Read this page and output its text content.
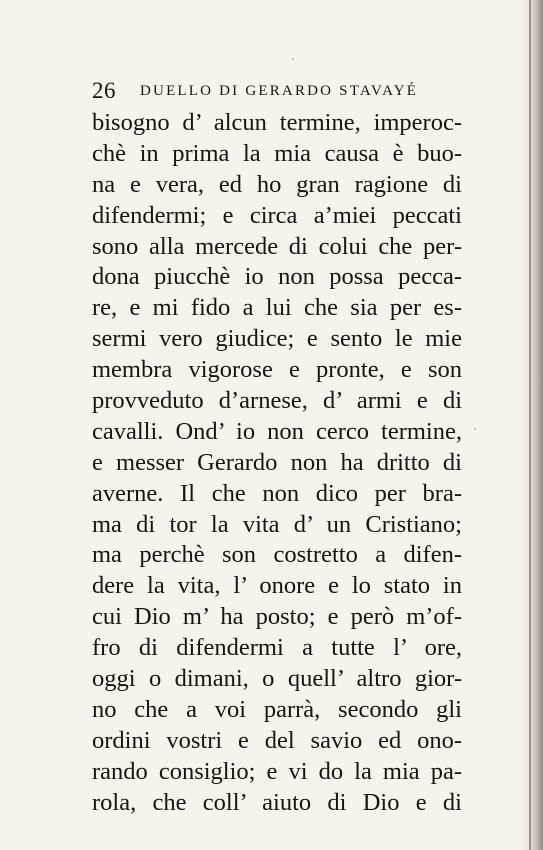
26 DUELLO DI GERARDO STAVAYÉ
bisogno d’ alcun termine, imperoc-
chè in prima la mia causa è buo-
na e vera, ed ho gran ragione di
difendermi; e circa a’miei peccati
sono alla mercede di colui che per-
dona piucchè io non possa pecca-
re, e mi fido a lui che sia per es-
sermi vero giudice; e sento le mie
membra vigorose e pronte, e son
provveduto d’arnese, d’ armi e di
cavalli. Ond’ io non cerco termine,
e messer Gerardo non ha dritto di
averne. Il che non dico per bra-
ma di tor la vita d’ un Cristiano;
ma perchè son costretto a difen-
dere la vita, l’ onore e lo stato in
cui Dio m’ ha posto; e però m’of-
fro di difendermi a tutte l’ ore,
oggi o dimani, o quell’ altro gior-
no che a voi parrà, secondo gli
ordini vostri e del savio ed ono-
rando consiglio; e vi do la mia pa-
rola, che coll’ aiuto di Dio e di
